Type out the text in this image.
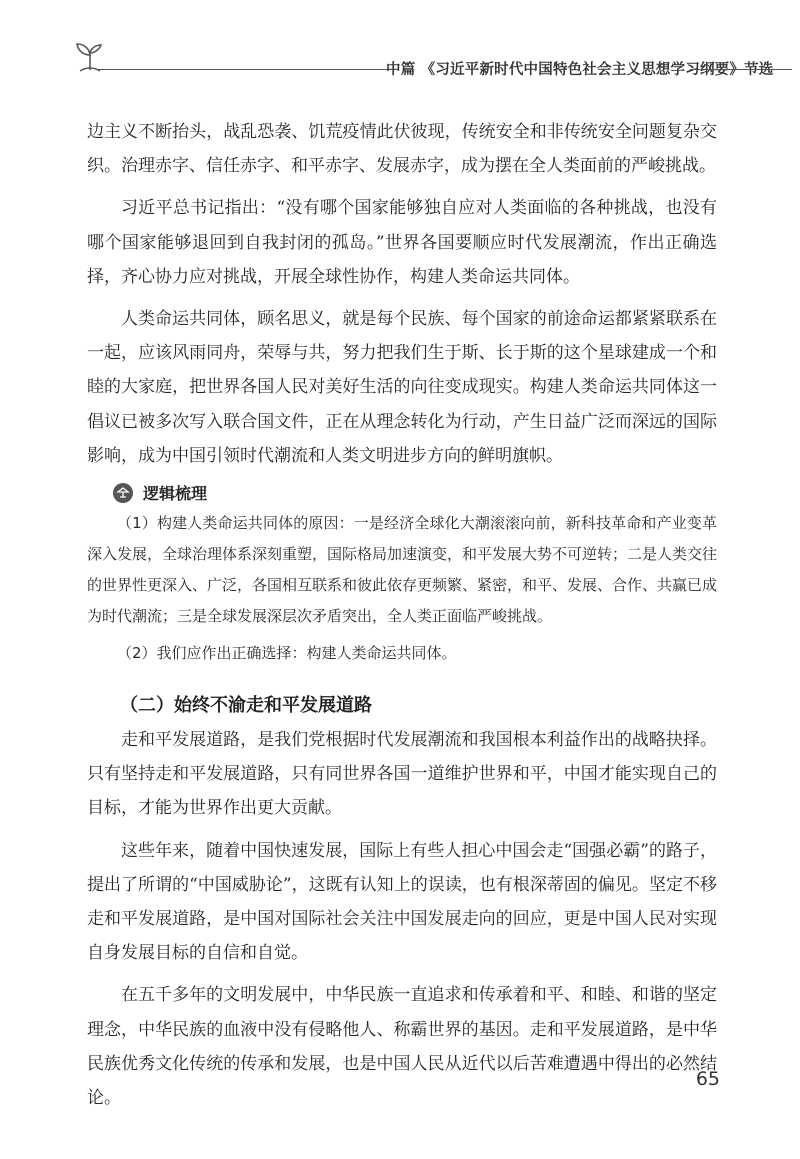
中篇 《习近平新时代中国特色社会主义思想学习纲要》节选

边主义不断抬头，战乱恐袭、饥荒疫情此伏彼现，传统安全和非传统安全问题复杂交织。治理赤字、信任赤字、和平赤字、发展赤字，成为摆在全人类面前的严峻挑战。

习近平总书记指出：“没有哪个国家能够独自应对人类面临的各种挑战，也没有哪个国家能够退回到自我封闭的孤岛。”世界各国要顺应时代发展潮流，作出正确选择，齐心协力应对挑战，开展全球性协作，构建人类命运共同体。

人类命运共同体，顾名思义，就是每个民族、每个国家的前途命运都紧紧联系在一起，应该风雨同舟，荣辱与共，努力把我们生于斯、长于斯的这个星球建成一个和睦的大家庭，把世界各国人民对美好生活的向往变成现实。构建人类命运共同体这一倡议已被多次写入联合国文件，正在从理念转化为行动，产生日益广泛而深远的国际影响，成为中国引领时代潮流和人类文明进步方向的鲜明旗帜。

逻辑梳理

（1）构建人类命运共同体的原因：一是经济全球化大潮滚滚向前，新科技革命和产业变革深入发展，全球治理体系深刻重塑，国际格局加速演变，和平发展大势不可逆转；二是人类交往的世界性更深入、广泛，各国相互联系和彼此依存更频繁、紧密，和平、发展、合作、共赢已成为时代潮流；三是全球发展深层次矛盾突出，全人类正面临严峻挑战。

（2）我们应作出正确选择：构建人类命运共同体。

（二）始终不渝走和平发展道路

走和平发展道路，是我们党根据时代发展潮流和我国根本利益作出的战略抉择。只有坚持走和平发展道路，只有同世界各国一道维护世界和平，中国才能实现自己的目标，才能为世界作出更大贡献。

这些年来，随着中国快速发展，国际上有些人担心中国会走“国强必霸”的路子，提出了所谓的“中国威胁论”，这既有认知上的误读，也有根深蒂固的偏见。坚定不移走和平发展道路，是中国对国际社会关注中国发展走向的回应，更是中国人民对实现自身发展目标的自信和自觉。

在五千多年的文明发展中，中华民族一直追求和传承着和平、和睦、和谐的坚定理念，中华民族的血液中没有侵略他人、称霸世界的基因。走和平发展道路，是中华民族优秀文化传统的传承和发展，也是中国人民从近代以后苦难遭遇中得出的必然结论。

65
